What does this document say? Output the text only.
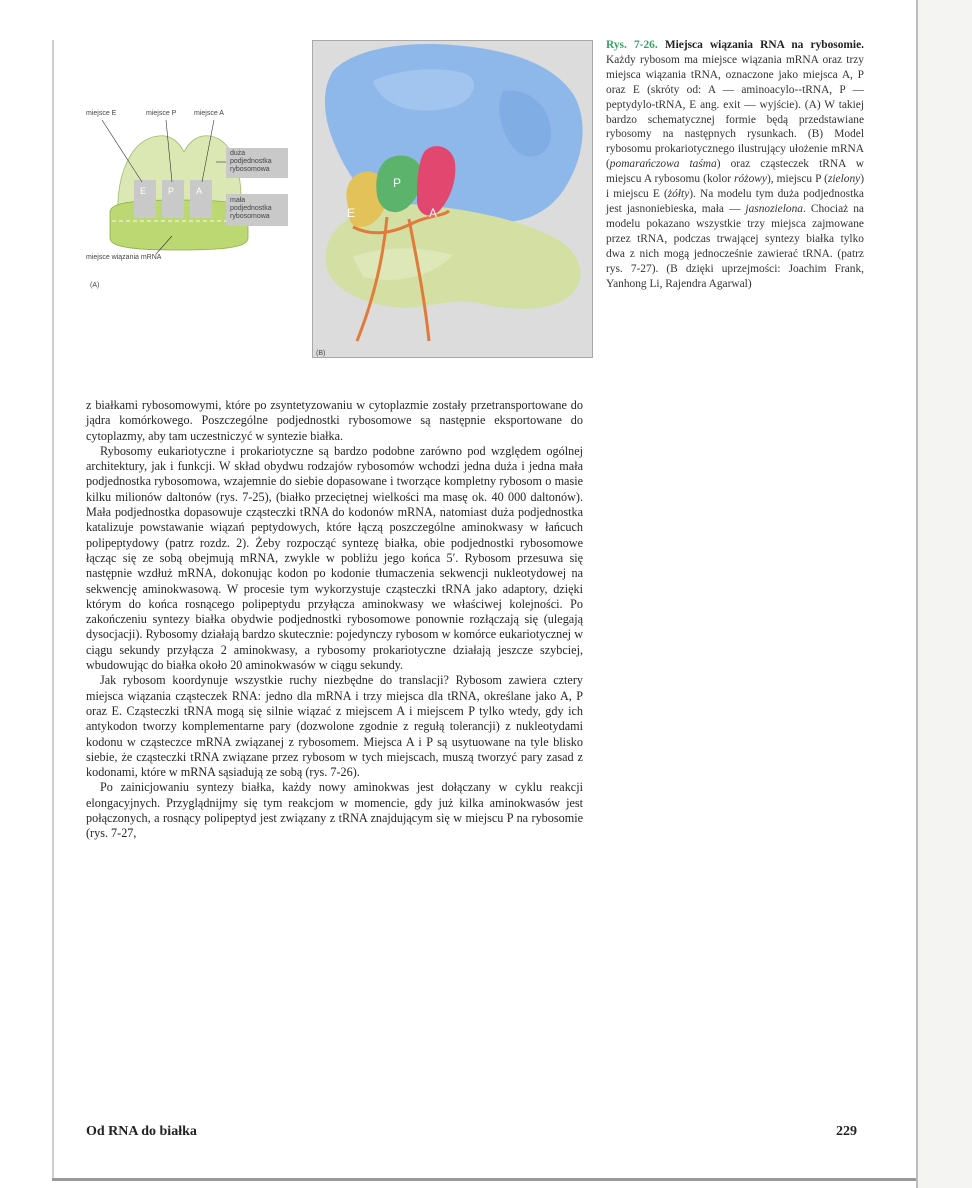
E P A
miejsce E	miejsce P	miejsce A
duża
podjednostka
rybosomowa
mała
podjednostka
rybosomowa
miejsce wiązania mRNA
(A)
E
P
A
(B)
Rys. 7-26. Miejsca wiązania RNA na rybosomie. Każdy rybosom ma miejsce wiązania mRNA oraz trzy miejsca wiązania tRNA, oznaczone jako miejsca A, P oraz E (skróty od: A — aminoacylo--tRNA, P — peptydylo-tRNA, E ang. exit — wyjście). (A) W takiej bardzo schematycznej formie będą przedstawiane rybosomy na następnych rysunkach. (B) Model rybosomu prokariotycznego ilustrujący ułożenie mRNA (pomarańczowa taśma) oraz cząsteczek tRNA w miejscu A rybosomu (kolor różowy), miejscu P (zielony) i miejscu E (żółty). Na modelu tym duża podjednostka jest jasnoniebieska, mała — jasnozielona. Chociaż na modelu pokazano wszystkie trzy miejsca zajmowane przez tRNA, podczas trwającej syntezy białka tylko dwa z nich mogą jednocześnie zawierać tRNA. (patrz rys. 7-27). (B dzięki uprzejmości: Joachim Frank, Yanhong Li, Rajendra Agarwal)

z białkami rybosomowymi, które po zsyntetyzowaniu w cytoplazmie zostały przetransportowane do jądra komórkowego. Poszczególne podjednostki rybosomowe są następnie eksportowane do cytoplazmy, aby tam uczestniczyć w syntezie białka.

Rybosomy eukariotyczne i prokariotyczne są bardzo podobne zarówno pod względem ogólnej architektury, jak i funkcji. W skład obydwu rodzajów rybosomów wchodzi jedna duża i jedna mała podjednostka rybosomowa, wzajemnie do siebie dopasowane i tworzące kompletny rybosom o masie kilku milionów daltonów (rys. 7-25), (białko przeciętnej wielkości ma masę ok. 40 000 daltonów). Mała podjednostka dopasowuje cząsteczki tRNA do kodonów mRNA, natomiast duża podjednostka katalizuje powstawanie wiązań peptydowych, które łączą poszczególne aminokwasy w łańcuch polipeptydowy (patrz rozdz. 2). Żeby rozpocząć syntezę białka, obie podjednostki rybosomowe łącząc się ze sobą obejmują mRNA, zwykle w pobliżu jego końca 5′. Rybosom przesuwa się następnie wzdłuż mRNA, dokonując kodon po kodonie tłumaczenia sekwencji nukleotydowej na sekwencję aminokwasową. W procesie tym wykorzystuje cząsteczki tRNA jako adaptory, dzięki którym do końca rosnącego polipeptydu przyłącza aminokwasy we właściwej kolejności. Po zakończeniu syntezy białka obydwie podjednostki rybosomowe ponownie rozłączają się (ulegają dysocjacji). Rybosomy działają bardzo skutecznie: pojedynczy rybosom w komórce eukariotycznej w ciągu sekundy przyłącza 2 aminokwasy, a rybosomy prokariotyczne działają jeszcze szybciej, wbudowując do białka około 20 aminokwasów w ciągu sekundy.

Jak rybosom koordynuje wszystkie ruchy niezbędne do translacji? Rybosom zawiera cztery miejsca wiązania cząsteczek RNA: jedno dla mRNA i trzy miejsca dla tRNA, określane jako A, P oraz E. Cząsteczki tRNA mogą się silnie wiązać z miejscem A i miejscem P tylko wtedy, gdy ich antykodon tworzy komplementarne pary (dozwolone zgodnie z regułą tolerancji) z nukleotydami kodonu w cząsteczce mRNA związanej z rybosomem. Miejsca A i P są usytuowane na tyle blisko siebie, że cząsteczki tRNA związane przez rybosom w tych miejscach, muszą tworzyć pary zasad z kodonami, które w mRNA sąsiadują ze sobą (rys. 7-26).

Po zainicjowaniu syntezy białka, każdy nowy aminokwas jest dołączany w cyklu reakcji elongacyjnych. Przyglądnijmy się tym reakcjom w momencie, gdy już kilka aminokwasów jest połączonych, a rosnący polipeptyd jest związany z tRNA znajdującym się w miejscu P na rybosomie (rys. 7-27,

Od RNA do białka	229
